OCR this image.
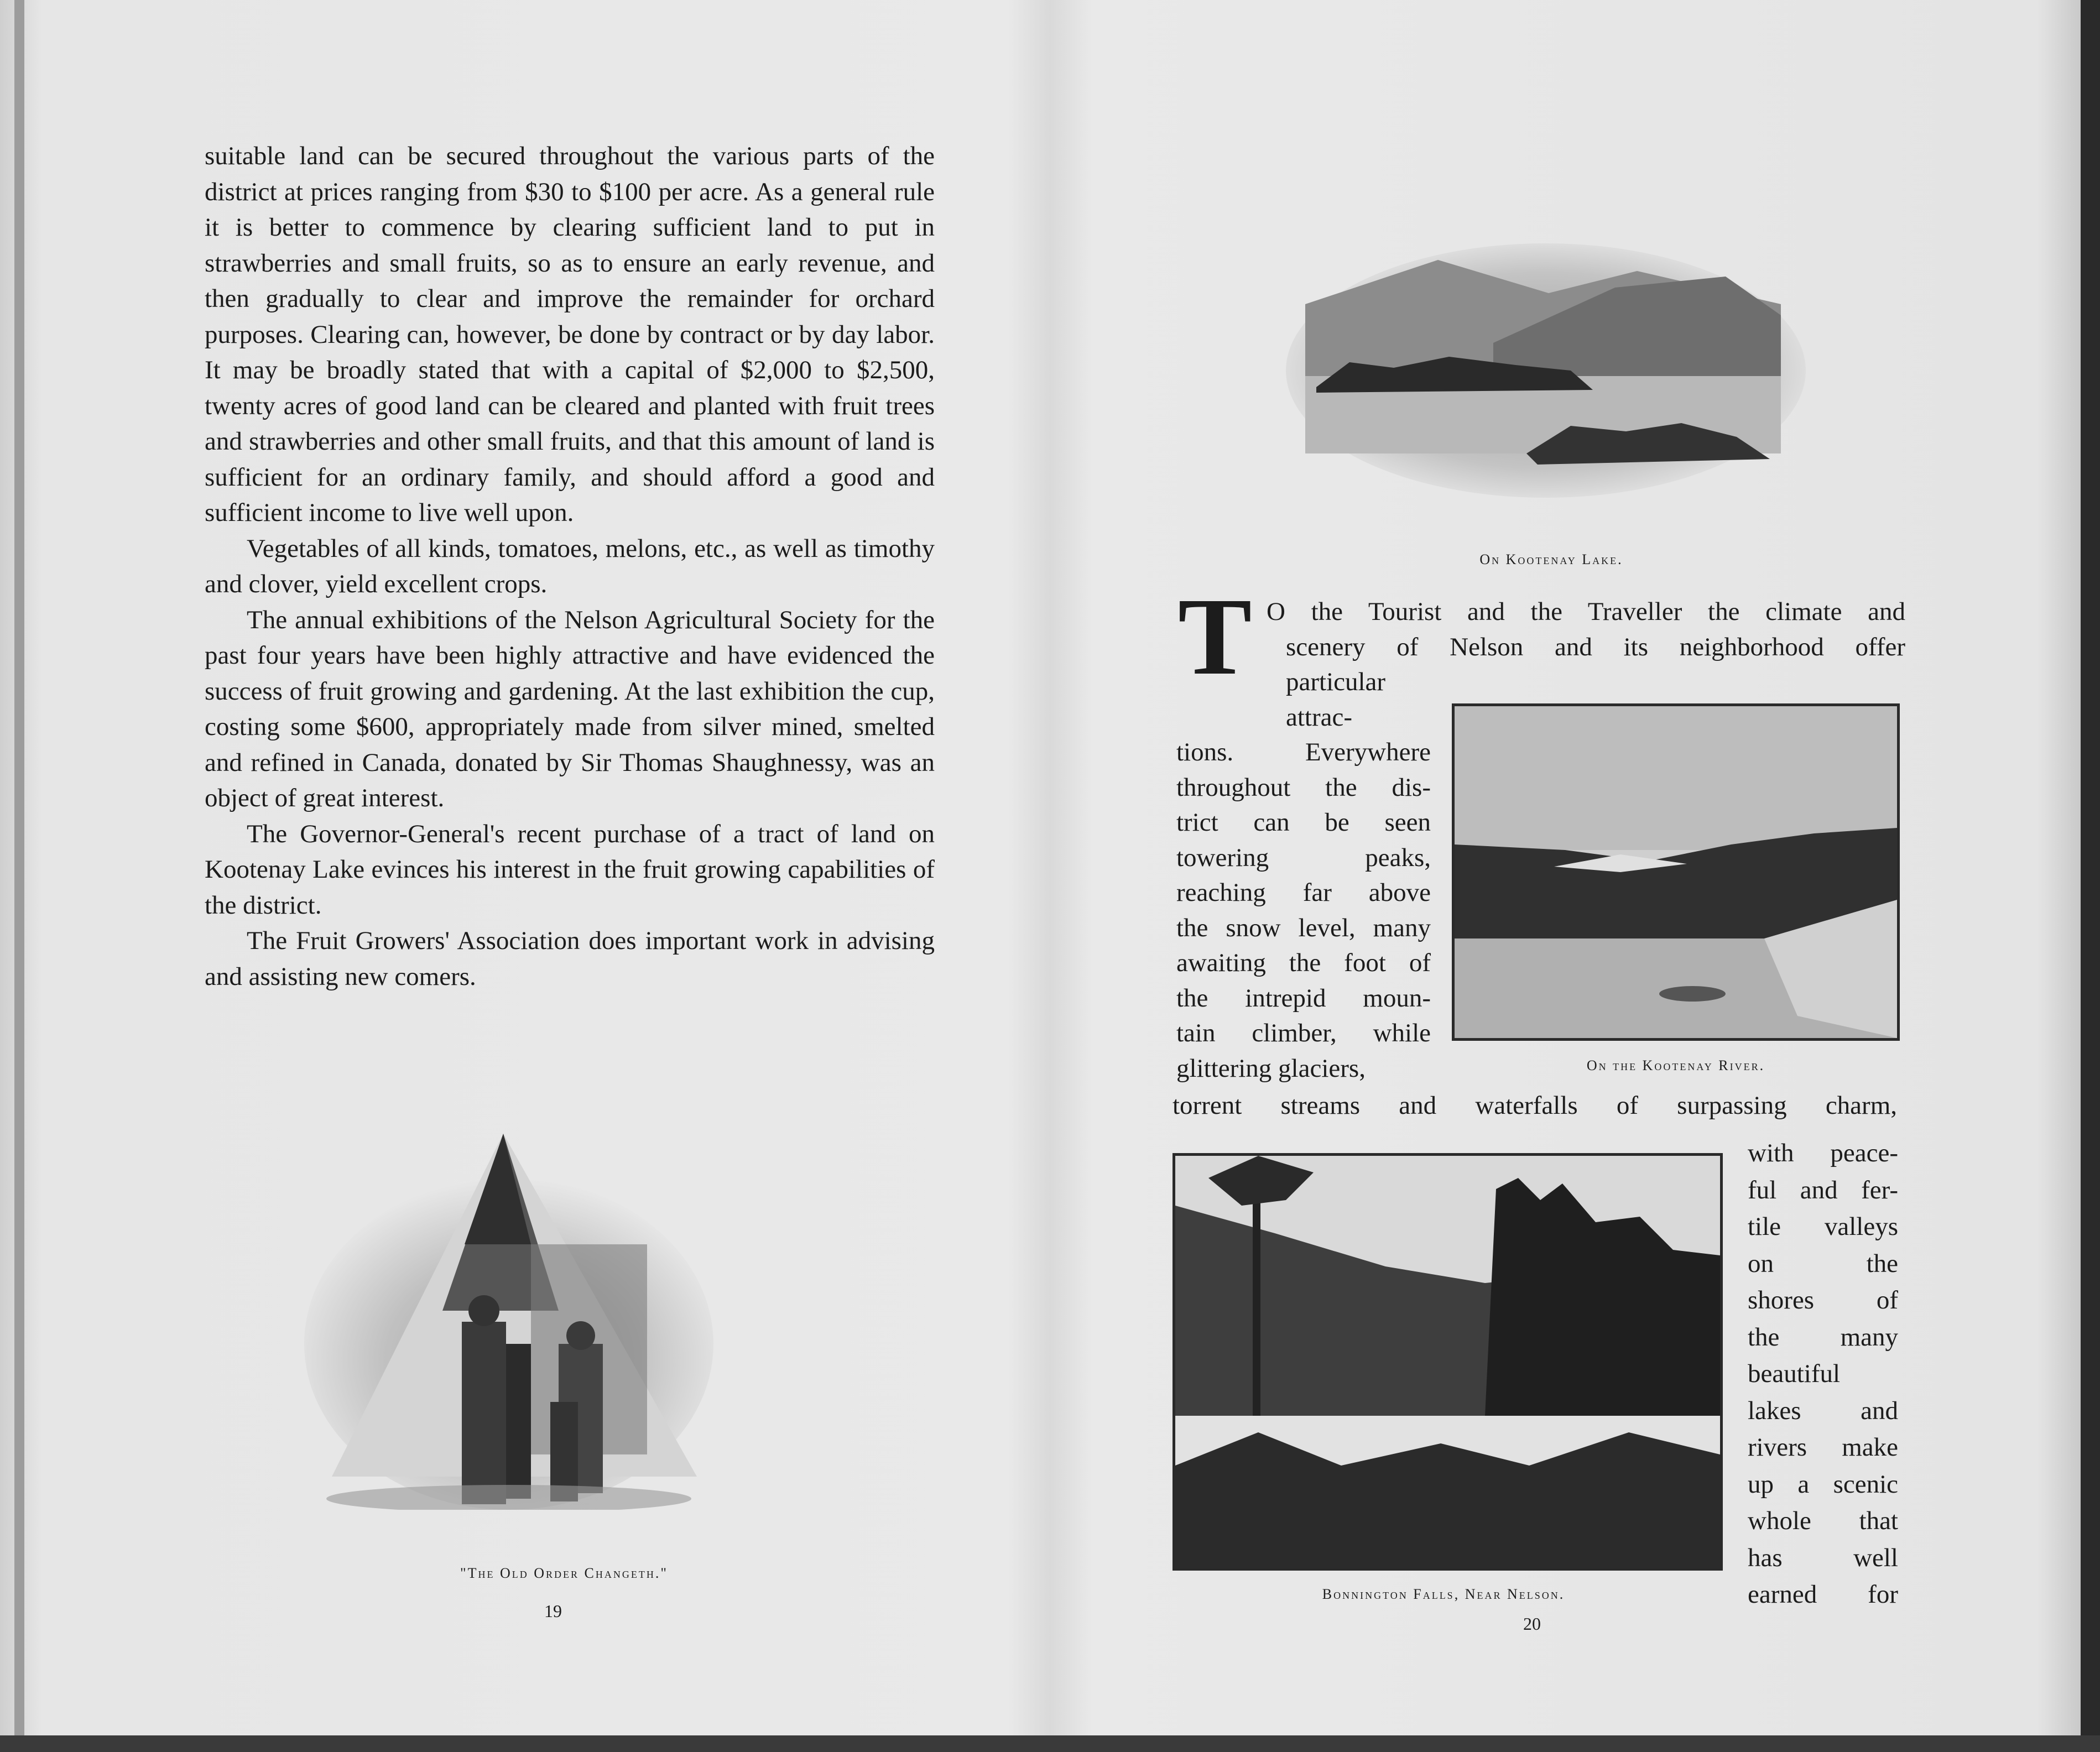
suitable land can be secured throughout the various parts of the district at prices ranging from $30 to $100 per acre. As a general rule it is better to commence by clearing sufficient land to put in strawberries and small fruits, so as to ensure an early revenue, and then gradually to clear and improve the remainder for orchard purposes. Clearing can, however, be done by contract or by day labor. It may be broadly stated that with a capital of $2,000 to $2,500, twenty acres of good land can be cleared and planted with fruit trees and strawberries and other small fruits, and that this amount of land is sufficient for an ordinary family, and should afford a good and sufficient income to live well upon.

Vegetables of all kinds, tomatoes, melons, etc., as well as timothy and clover, yield excellent crops.

The annual exhibitions of the Nelson Agricultural Society for the past four years have been highly attractive and have evidenced the success of fruit growing and gardening. At the last exhibition the cup, costing some $600, appropriately made from silver mined, smelted and refined in Canada, donated by Sir Thomas Shaughnessy, was an object of great interest.

The Governor-General's recent purchase of a tract of land on Kootenay Lake evinces his interest in the fruit growing capabilities of the district.

The Fruit Growers' Association does important work in advising and assisting new comers.

"The Old Order Changeth."
19
On Kootenay Lake.
T O the Tourist and the Traveller the climate and
scenery of Nelson and its neighborhood offer
particular
attrac-
tions. Everywhere
throughout the dis-
trict can be seen
towering peaks,
reaching far above
the snow level, many
awaiting the foot of
the intrepid moun-
tain climber, while
glittering glaciers,	On the Kootenay River.
torrent streams and waterfalls of surpassing charm,
with peace-
ful and fer-
tile valleys
on the
shores of
the many
beautiful
lakes and
rivers make
up a scenic
whole that
has well
earned for
Bonnington Falls, Near Nelson.
20
